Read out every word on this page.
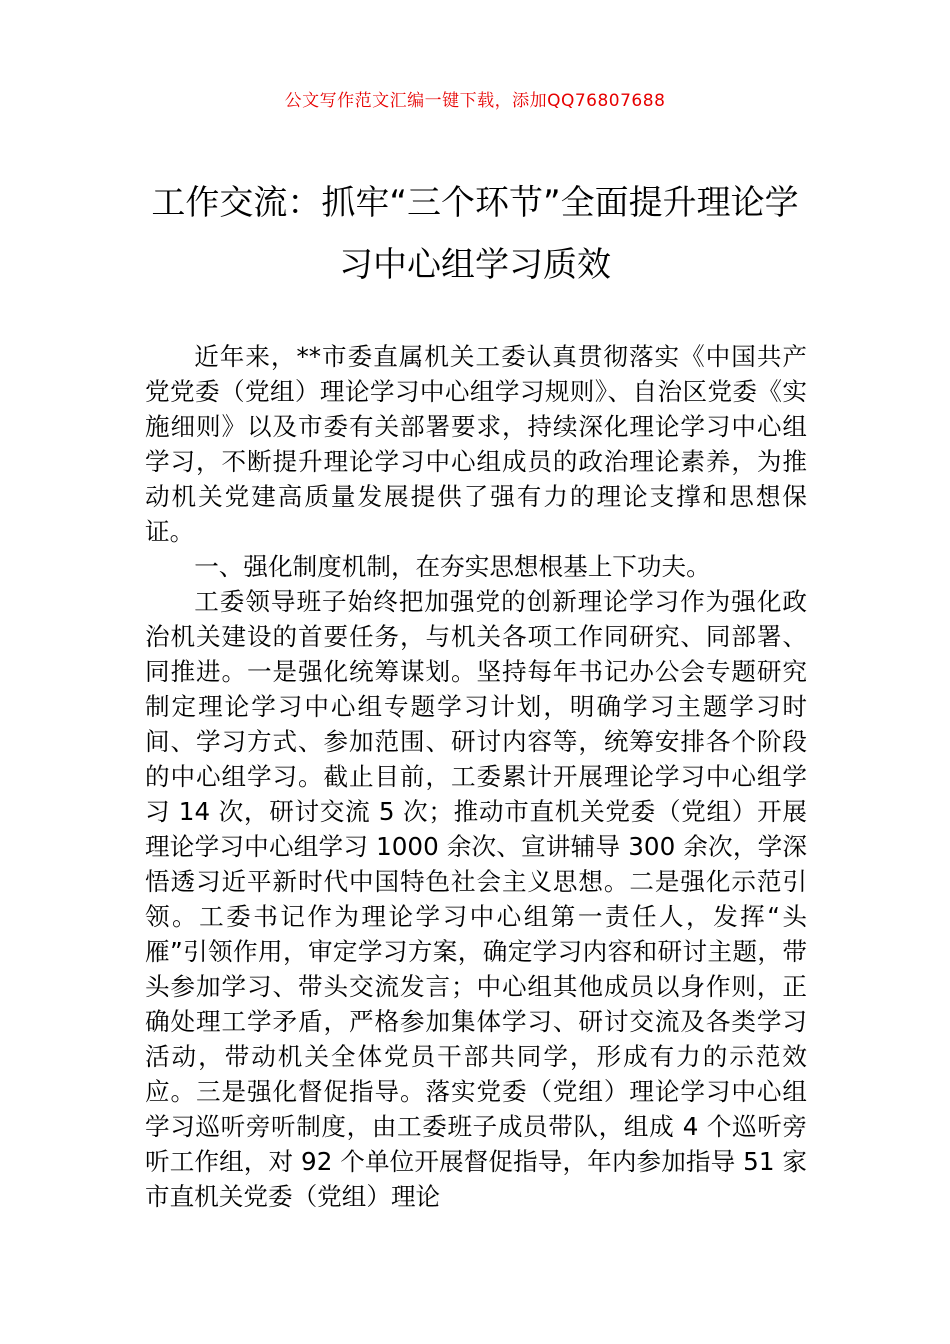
公文写作范文汇编一键下载，添加QQ76807688
工作交流：抓牢“三个环节”全面提升理论学习中心组学习质效

近年来，**市委直属机关工委认真贯彻落实《中国共产党党委（党组）理论学习中心组学习规则》、自治区党委《实施细则》以及市委有关部署要求，持续深化理论学习中心组学习，不断提升理论学习中心组成员的政治理论素养，为推动机关党建高质量发展提供了强有力的理论支撑和思想保证。

一、强化制度机制，在夯实思想根基上下功夫。

工委领导班子始终把加强党的创新理论学习作为强化政治机关建设的首要任务，与机关各项工作同研究、同部署、同推进。一是强化统筹谋划。坚持每年书记办公会专题研究制定理论学习中心组专题学习计划，明确学习主题学习时间、学习方式、参加范围、研讨内容等，统筹安排各个阶段的中心组学习。截止目前，工委累计开展理论学习中心组学习 14 次，研讨交流 5 次；推动市直机关党委（党组）开展理论学习中心组学习 1000 余次、宣讲辅导 300 余次，学深悟透习近平新时代中国特色社会主义思想。二是强化示范引领。工委书记作为理论学习中心组第一责任人，发挥“头雁”引领作用，审定学习方案，确定学习内容和研讨主题，带头参加学习、带头交流发言；中心组其他成员以身作则，正确处理工学矛盾，严格参加集体学习、研讨交流及各类学习活动，带动机关全体党员干部共同学，形成有力的示范效应。三是强化督促指导。落实党委（党组）理论学习中心组学习巡听旁听制度，由工委班子成员带队，组成 4 个巡听旁听工作组，对 92 个单位开展督促指导，年内参加指导 51 家市直机关党委（党组）理论
